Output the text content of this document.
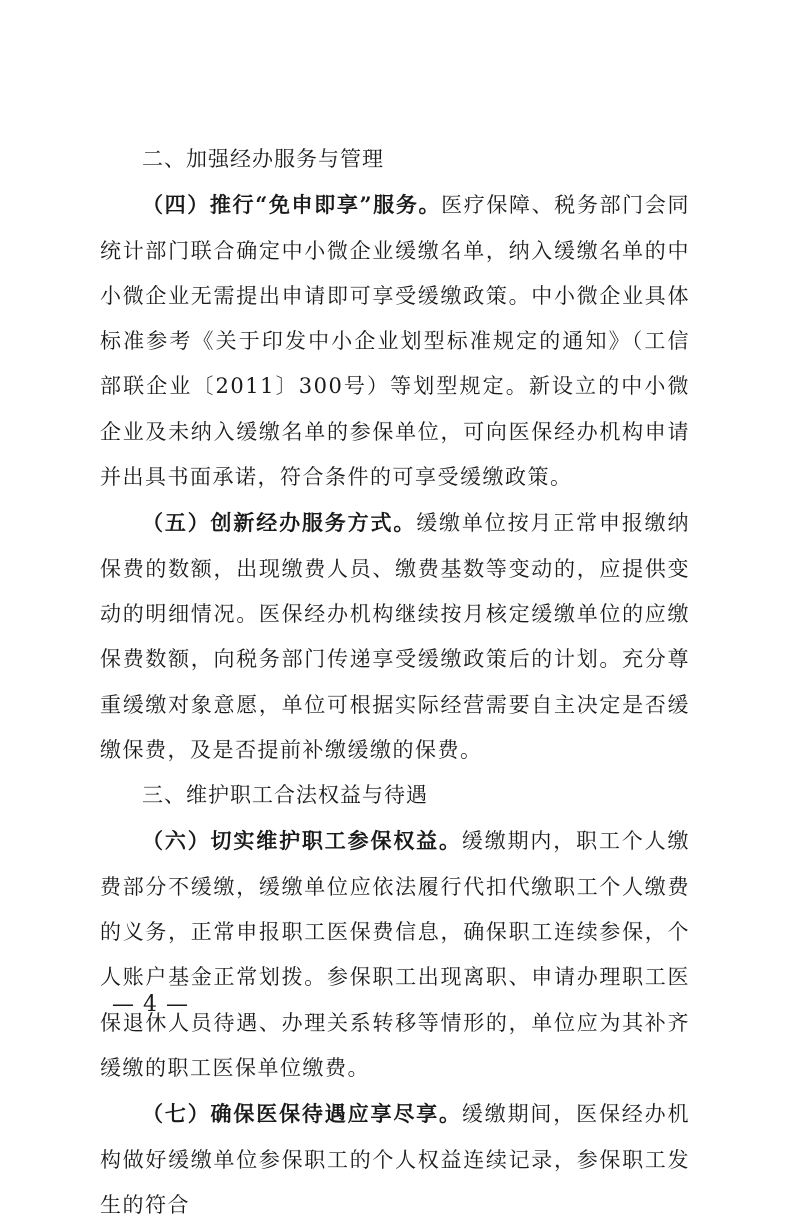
二、加强经办服务与管理

（四）推行“免申即享”服务。医疗保障、税务部门会同统计部门联合确定中小微企业缓缴名单，纳入缓缴名单的中小微企业无需提出申请即可享受缓缴政策。中小微企业具体标准参考《关于印发中小企业划型标准规定的通知》（工信部联企业〔2011〕300号）等划型规定。新设立的中小微企业及未纳入缓缴名单的参保单位，可向医保经办机构申请并出具书面承诺，符合条件的可享受缓缴政策。

（五）创新经办服务方式。缓缴单位按月正常申报缴纳保费的数额，出现缴费人员、缴费基数等变动的，应提供变动的明细情况。医保经办机构继续按月核定缓缴单位的应缴保费数额，向税务部门传递享受缓缴政策后的计划。充分尊重缓缴对象意愿，单位可根据实际经营需要自主决定是否缓缴保费，及是否提前补缴缓缴的保费。

三、维护职工合法权益与待遇

（六）切实维护职工参保权益。缓缴期内，职工个人缴费部分不缓缴，缓缴单位应依法履行代扣代缴职工个人缴费的义务，正常申报职工医保费信息，确保职工连续参保，个人账户基金正常划拨。参保职工出现离职、申请办理职工医保退休人员待遇、办理关系转移等情形的，单位应为其补齐缓缴的职工医保单位缴费。

（七）确保医保待遇应享尽享。缓缴期间，医保经办机构做好缓缴单位参保职工的个人权益连续记录，参保职工发生的符合

— 4 —
